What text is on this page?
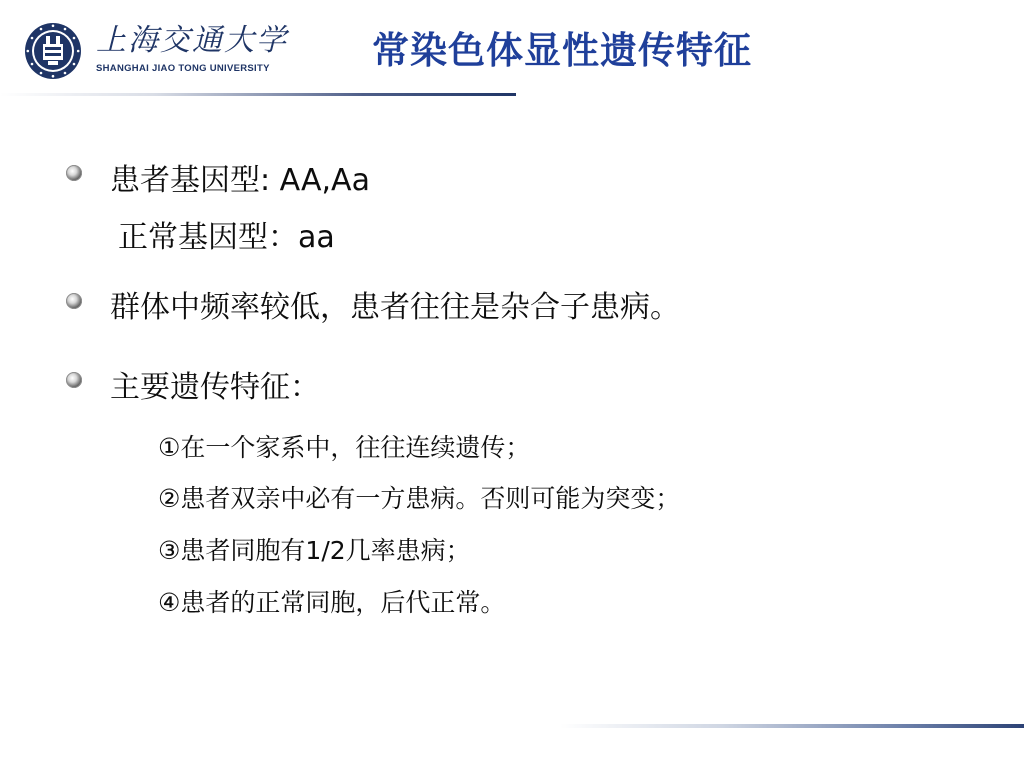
上海交通大学
SHANGHAI JIAO TONG UNIVERSITY	常染色体显性遗传特征
患者基因型: AA,Aa
正常基因型：aa
群体中频率较低，患者往往是杂合子患病。
主要遗传特征：
①在一个家系中，往往连续遗传；
②患者双亲中必有一方患病。否则可能为突变；
③患者同胞有1/2几率患病；
④患者的正常同胞，后代正常。
